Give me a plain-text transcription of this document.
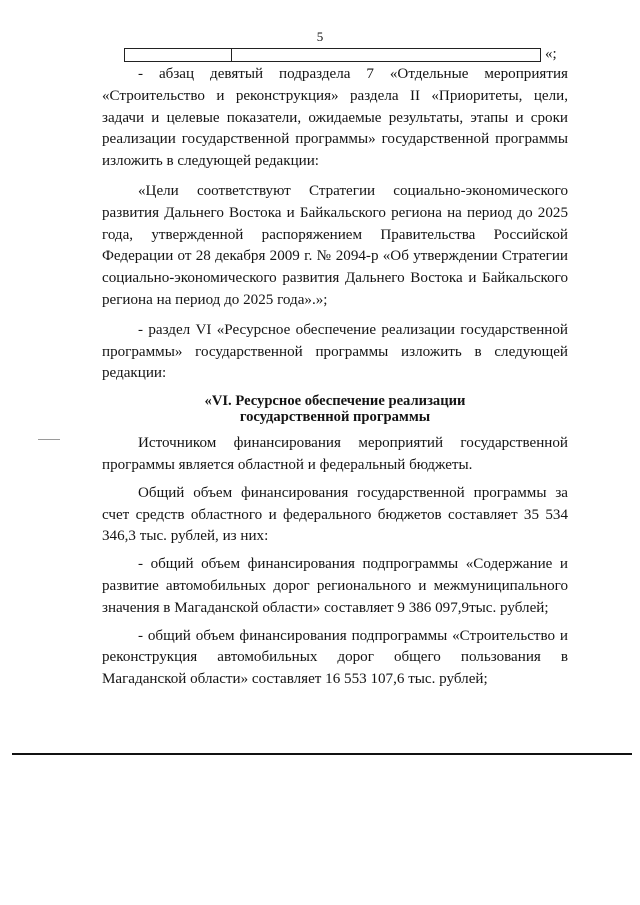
5
«;

- абзац девятый подраздела 7 «Отдельные мероприятия «Строительство и реконструкция» раздела II «Приоритеты, цели, задачи и целевые показатели, ожидаемые результаты, этапы и сроки реализации государственной программы» государственной программы изложить в следующей редакции:

«Цели соответствуют Стратегии социально-экономического развития Дальнего Востока и Байкальского региона на период до 2025 года, утвержденной распоряжением Правительства Российской Федерации от 28 декабря 2009 г. № 2094-р «Об утверждении Стратегии социально-экономического развития Дальнего Востока и Байкальского региона на период до 2025 года».»;

- раздел VI «Ресурсное обеспечение реализации государственной программы» государственной программы изложить в следующей редакции:

«VI. Ресурсное обеспечение реализации
государственной программы

Источником финансирования мероприятий государственной программы является областной и федеральный бюджеты.

Общий объем финансирования государственной программы за счет средств областного и федерального бюджетов составляет 35 534 346,3 тыс. рублей, из них:

- общий объем финансирования подпрограммы «Содержание и развитие автомобильных дорог регионального и межмуниципального значения в Магаданской области» составляет 9 386 097,9тыс. рублей;

- общий объем финансирования подпрограммы «Строительство и реконструкция автомобильных дорог общего пользования в Магаданской области» составляет 16 553 107,6 тыс. рублей;
